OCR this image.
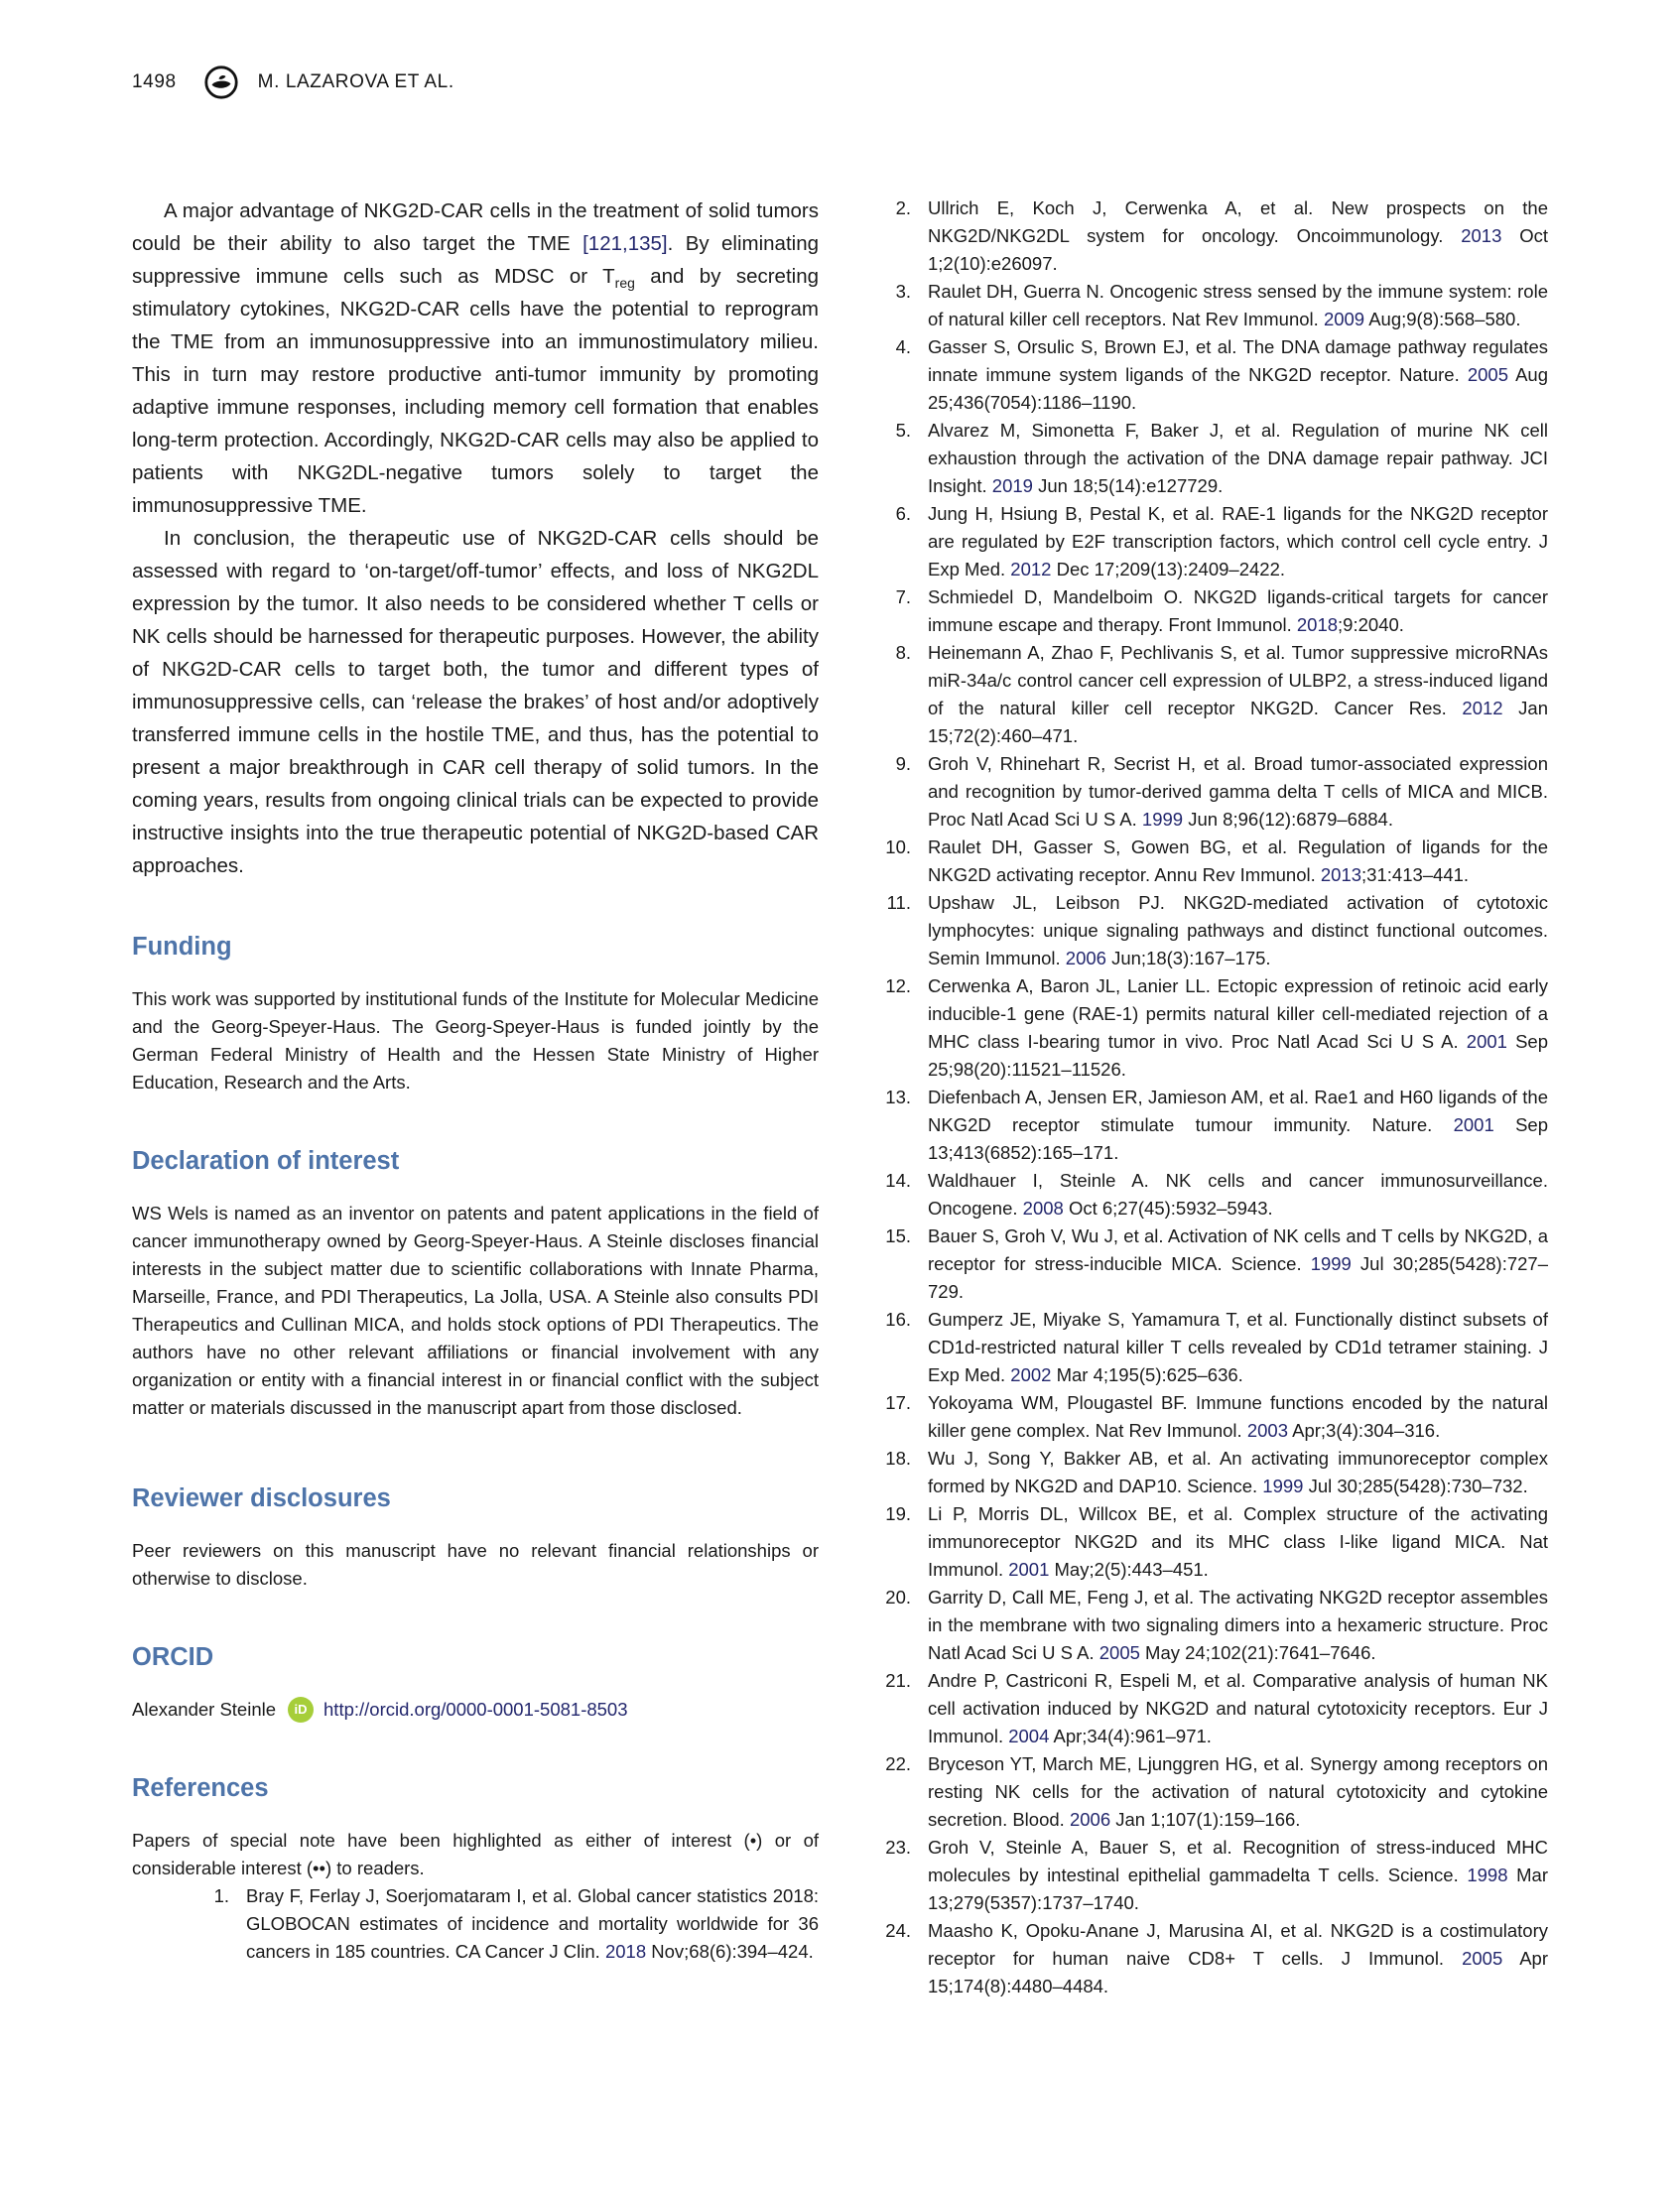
1498	M. LAZAROVA ET AL.

A major advantage of NKG2D-CAR cells in the treatment of solid tumors could be their ability to also target the TME [121,135]. By eliminating suppressive immune cells such as MDSC or $T_{reg}$ and by secreting stimulatory cytokines, NKG2D-CAR cells have the potential to reprogram the TME from an immunosuppressive into an immunostimulatory milieu. This in turn may restore productive anti-tumor immunity by promoting adaptive immune responses, including memory cell formation that enables long-term protection. Accordingly, NKG2D-CAR cells may also be applied to patients with NKG2DL-negative tumors solely to target the immunosuppressive TME.

In conclusion, the therapeutic use of NKG2D-CAR cells should be assessed with regard to ‘on-target/off-tumor’ effects, and loss of NKG2DL expression by the tumor. It also needs to be considered whether T cells or NK cells should be harnessed for therapeutic purposes. However, the ability of NKG2D-CAR cells to target both, the tumor and different types of immunosuppressive cells, can ‘release the brakes’ of host and/or adoptively transferred immune cells in the hostile TME, and thus, has the potential to present a major breakthrough in CAR cell therapy of solid tumors. In the coming years, results from ongoing clinical trials can be expected to provide instructive insights into the true therapeutic potential of NKG2D-based CAR approaches.

Funding

This work was supported by institutional funds of the Institute for Molecular Medicine and the Georg-Speyer-Haus. The Georg-Speyer-Haus is funded jointly by the German Federal Ministry of Health and the Hessen State Ministry of Higher Education, Research and the Arts.

Declaration of interest

WS Wels is named as an inventor on patents and patent applications in the field of cancer immunotherapy owned by Georg-Speyer-Haus. A Steinle discloses financial interests in the subject matter due to scientific collaborations with Innate Pharma, Marseille, France, and PDI Therapeutics, La Jolla, USA. A Steinle also consults PDI Therapeutics and Cullinan MICA, and holds stock options of PDI Therapeutics. The authors have no other relevant affiliations or financial involvement with any organization or entity with a financial interest in or financial conflict with the subject matter or materials discussed in the manuscript apart from those disclosed.

Reviewer disclosures

Peer reviewers on this manuscript have no relevant financial relationships or otherwise to disclose.

ORCID

Alexander Steinle	iD http://orcid.org/0000-0001-5081-8503

References

Papers of special note have been highlighted as either of interest (•) or of considerable interest (••) to readers.

1. Bray F, Ferlay J, Soerjomataram I, et al. Global cancer statistics 2018: GLOBOCAN estimates of incidence and mortality worldwide for 36 cancers in 185 countries. CA Cancer J Clin. 2018 Nov;68(6):394–424.
2. Ullrich E, Koch J, Cerwenka A, et al. New prospects on the NKG2D/NKG2DL system for oncology. Oncoimmunology. 2013 Oct 1;2(10):e26097.
3. Raulet DH, Guerra N. Oncogenic stress sensed by the immune system: role of natural killer cell receptors. Nat Rev Immunol. 2009 Aug;9(8):568–580.
4. Gasser S, Orsulic S, Brown EJ, et al. The DNA damage pathway regulates innate immune system ligands of the NKG2D receptor. Nature. 2005 Aug 25;436(7054):1186–1190.
5. Alvarez M, Simonetta F, Baker J, et al. Regulation of murine NK cell exhaustion through the activation of the DNA damage repair pathway. JCI Insight. 2019 Jun 18;5(14):e127729.
6. Jung H, Hsiung B, Pestal K, et al. RAE-1 ligands for the NKG2D receptor are regulated by E2F transcription factors, which control cell cycle entry. J Exp Med. 2012 Dec 17;209(13):2409–2422.
7. Schmiedel D, Mandelboim O. NKG2D ligands-critical targets for cancer immune escape and therapy. Front Immunol. 2018;9:2040.
8. Heinemann A, Zhao F, Pechlivanis S, et al. Tumor suppressive microRNAs miR-34a/c control cancer cell expression of ULBP2, a stress-induced ligand of the natural killer cell receptor NKG2D. Cancer Res. 2012 Jan 15;72(2):460–471.
9. Groh V, Rhinehart R, Secrist H, et al. Broad tumor-associated expression and recognition by tumor-derived gamma delta T cells of MICA and MICB. Proc Natl Acad Sci U S A. 1999 Jun 8;96(12):6879–6884.
10. Raulet DH, Gasser S, Gowen BG, et al. Regulation of ligands for the NKG2D activating receptor. Annu Rev Immunol. 2013;31:413–441.
11. Upshaw JL, Leibson PJ. NKG2D-mediated activation of cytotoxic lymphocytes: unique signaling pathways and distinct functional outcomes. Semin Immunol. 2006 Jun;18(3):167–175.
12. Cerwenka A, Baron JL, Lanier LL. Ectopic expression of retinoic acid early inducible-1 gene (RAE-1) permits natural killer cell-mediated rejection of a MHC class I-bearing tumor in vivo. Proc Natl Acad Sci U S A. 2001 Sep 25;98(20):11521–11526.
13. Diefenbach A, Jensen ER, Jamieson AM, et al. Rae1 and H60 ligands of the NKG2D receptor stimulate tumour immunity. Nature. 2001 Sep 13;413(6852):165–171.
14. Waldhauer I, Steinle A. NK cells and cancer immunosurveillance. Oncogene. 2008 Oct 6;27(45):5932–5943.
15. Bauer S, Groh V, Wu J, et al. Activation of NK cells and T cells by NKG2D, a receptor for stress-inducible MICA. Science. 1999 Jul 30;285(5428):727–729.
16. Gumperz JE, Miyake S, Yamamura T, et al. Functionally distinct subsets of CD1d-restricted natural killer T cells revealed by CD1d tetramer staining. J Exp Med. 2002 Mar 4;195(5):625–636.
17. Yokoyama WM, Plougastel BF. Immune functions encoded by the natural killer gene complex. Nat Rev Immunol. 2003 Apr;3(4):304–316.
18. Wu J, Song Y, Bakker AB, et al. An activating immunoreceptor complex formed by NKG2D and DAP10. Science. 1999 Jul 30;285(5428):730–732.
19. Li P, Morris DL, Willcox BE, et al. Complex structure of the activating immunoreceptor NKG2D and its MHC class I-like ligand MICA. Nat Immunol. 2001 May;2(5):443–451.
20. Garrity D, Call ME, Feng J, et al. The activating NKG2D receptor assembles in the membrane with two signaling dimers into a hexameric structure. Proc Natl Acad Sci U S A. 2005 May 24;102(21):7641–7646.
21. Andre P, Castriconi R, Espeli M, et al. Comparative analysis of human NK cell activation induced by NKG2D and natural cytotoxicity receptors. Eur J Immunol. 2004 Apr;34(4):961–971.
22. Bryceson YT, March ME, Ljunggren HG, et al. Synergy among receptors on resting NK cells for the activation of natural cytotoxicity and cytokine secretion. Blood. 2006 Jan 1;107(1):159–166.
23. Groh V, Steinle A, Bauer S, et al. Recognition of stress-induced MHC molecules by intestinal epithelial gammadelta T cells. Science. 1998 Mar 13;279(5357):1737–1740.
24. Maasho K, Opoku-Anane J, Marusina AI, et al. NKG2D is a costimulatory receptor for human naive CD8+ T cells. J Immunol. 2005 Apr 15;174(8):4480–4484.
